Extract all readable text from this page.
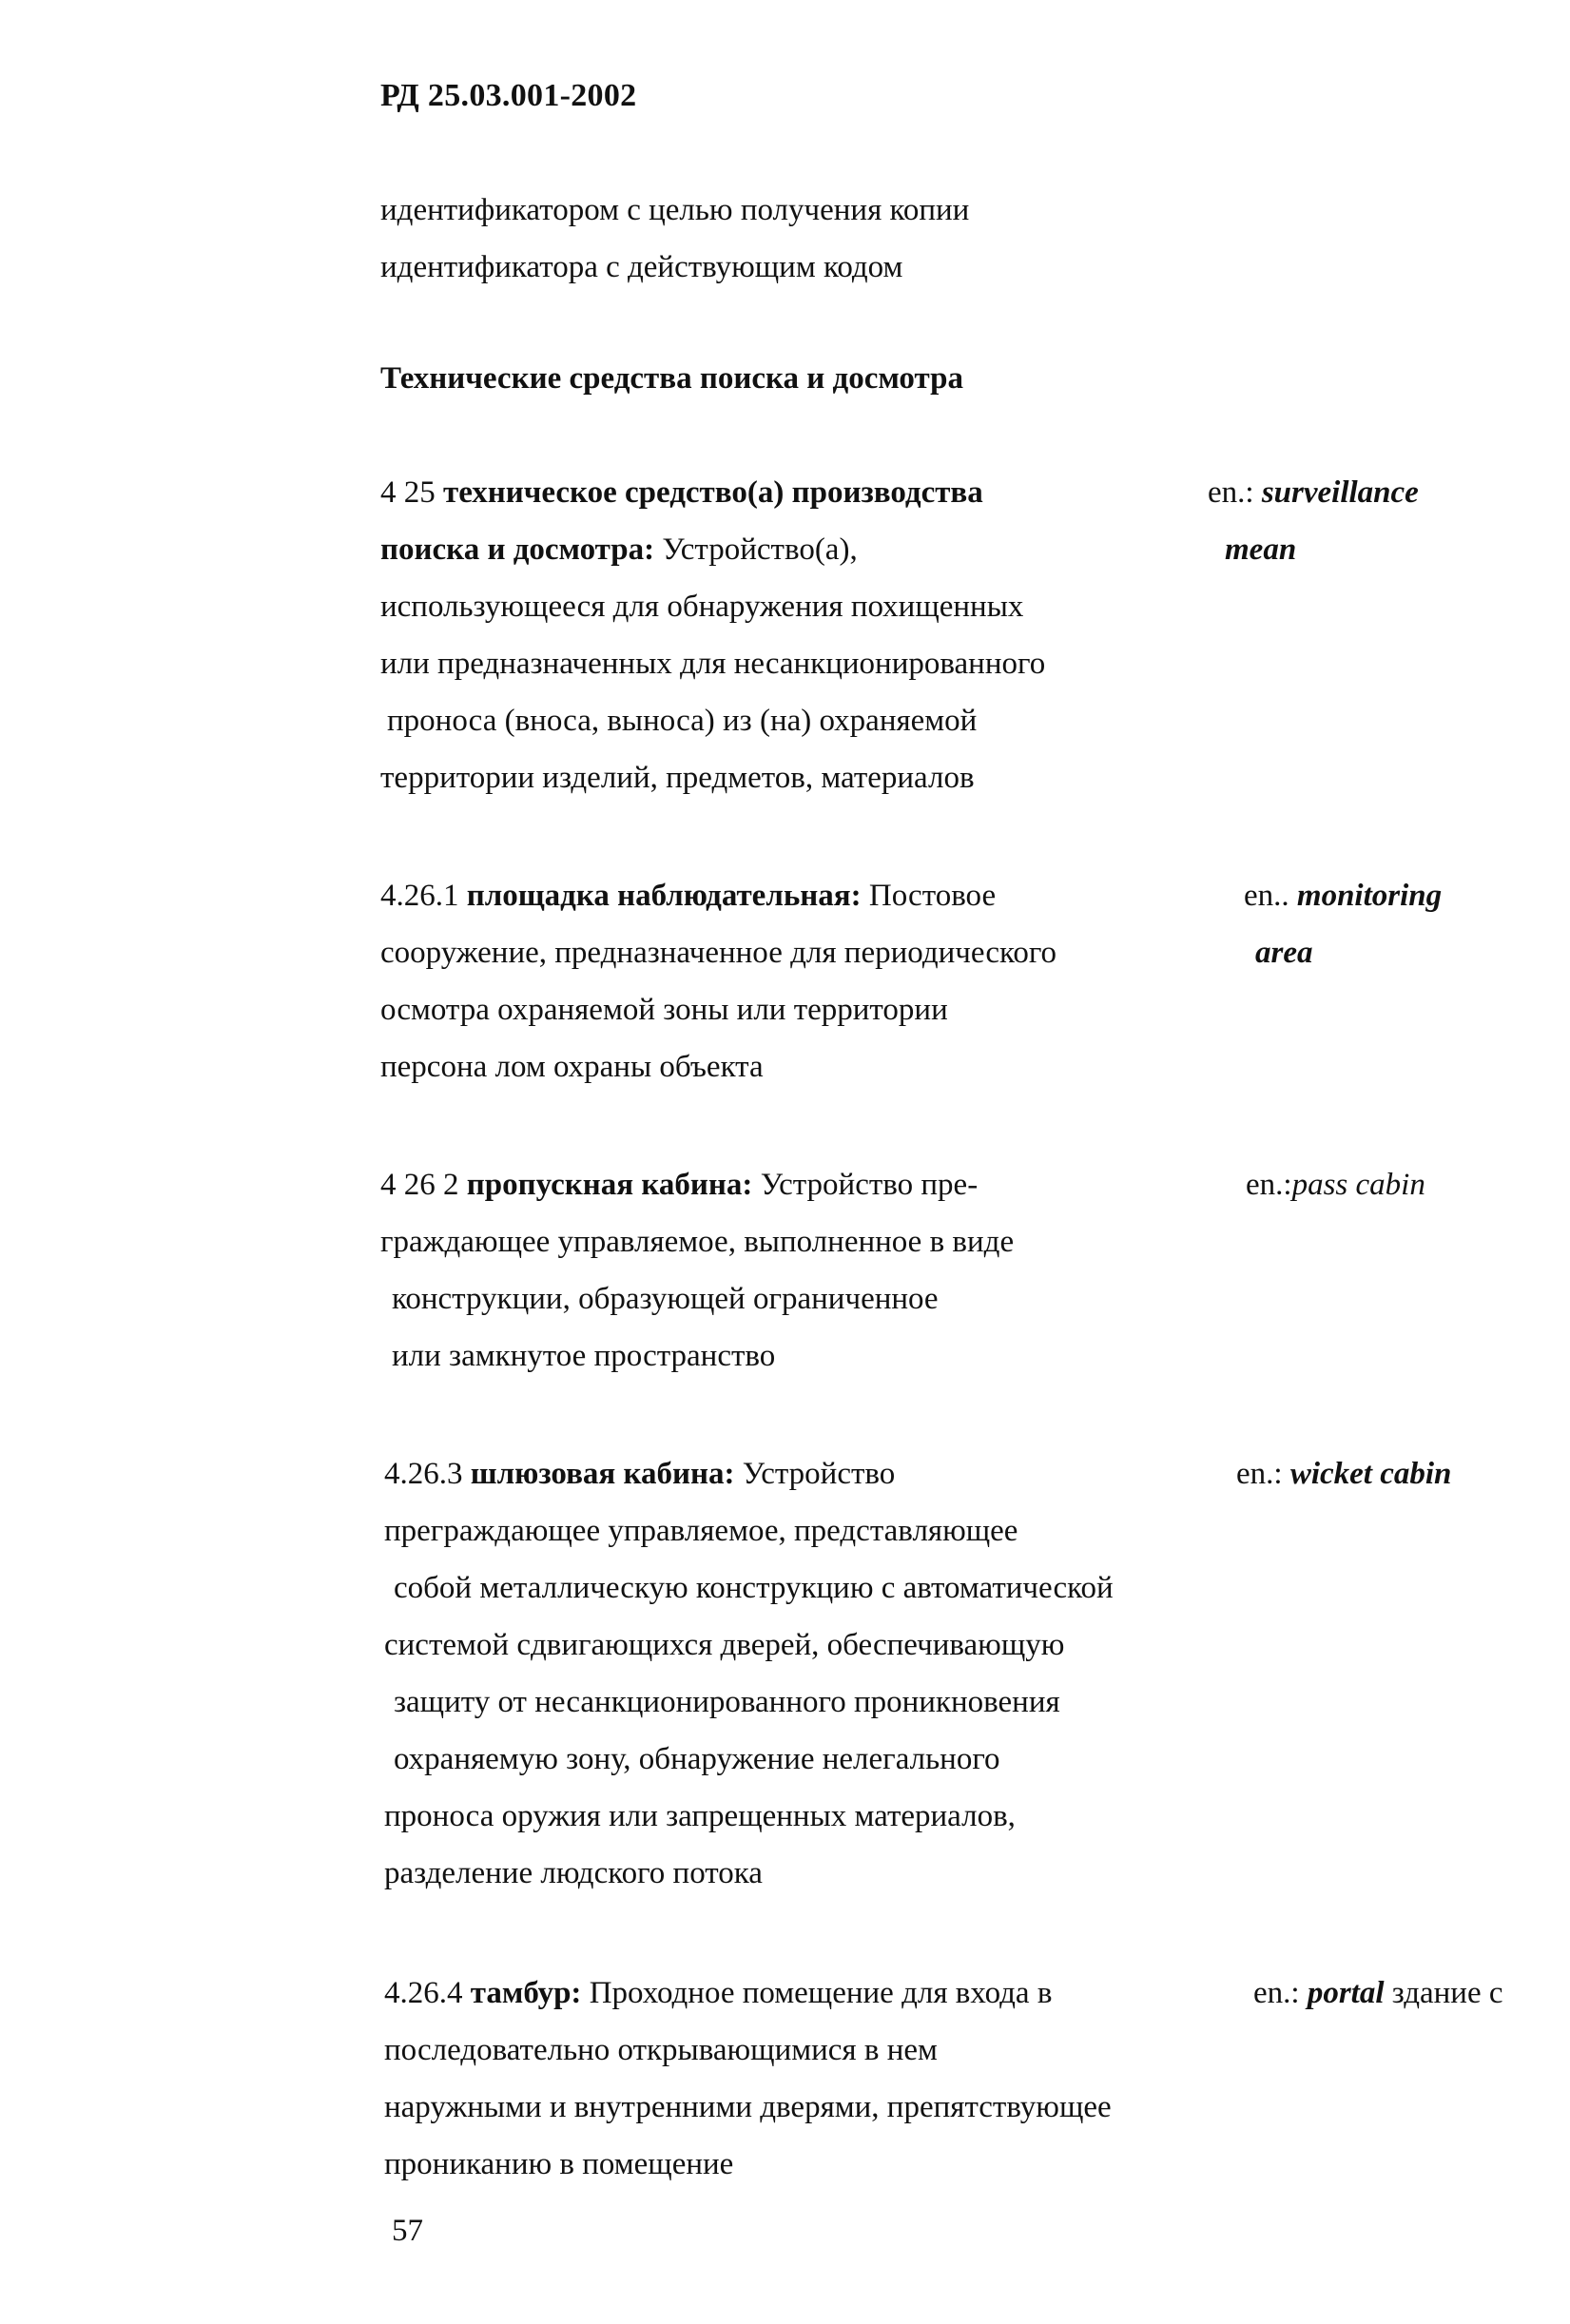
РД 25.03.001-2002
идентификатором с целью получения копии
идентификатора с действующим кодом
Технические средства поиска и досмотра
4 25 техническое средство(а) производства
поиска и досмотра: Устройство(а),
использующееся для обнаружения похищенных
или предназначенных для несанкционированного
проноса (вноса, выноса) из (на) охраняемой
территории изделий, предметов, материалов
en.: surveillance
mean
4.26.1 площадка наблюдательная: Постовое
сооружение, предназначенное для периодического
осмотра охраняемой зоны или территории
персона лом охраны объекта
en.. monitoring
area
4 26 2 пропускная кабина: Устройство пре-
граждающее управляемое, выполненное в виде
конструкции, образующей ограниченное
или замкнутое пространство
en.:pass cabin
4.26.3 шлюзовая кабина: Устройство
преграждающее управляемое, представляющее
собой металлическую конструкцию с автоматической
системой сдвигающихся дверей, обеспечивающую
защиту от несанкционированного проникновения
охраняемую зону, обнаружение нелегального
проноса оружия или запрещенных материалов,
разделение людского потока
en.: wicket cabin
4.26.4 тамбур: Проходное помещение для входа в
последовательно открывающимися в нем
наружными и внутренними дверями, препятствующее
прониканию в помещение
en.: portal здание с
57
